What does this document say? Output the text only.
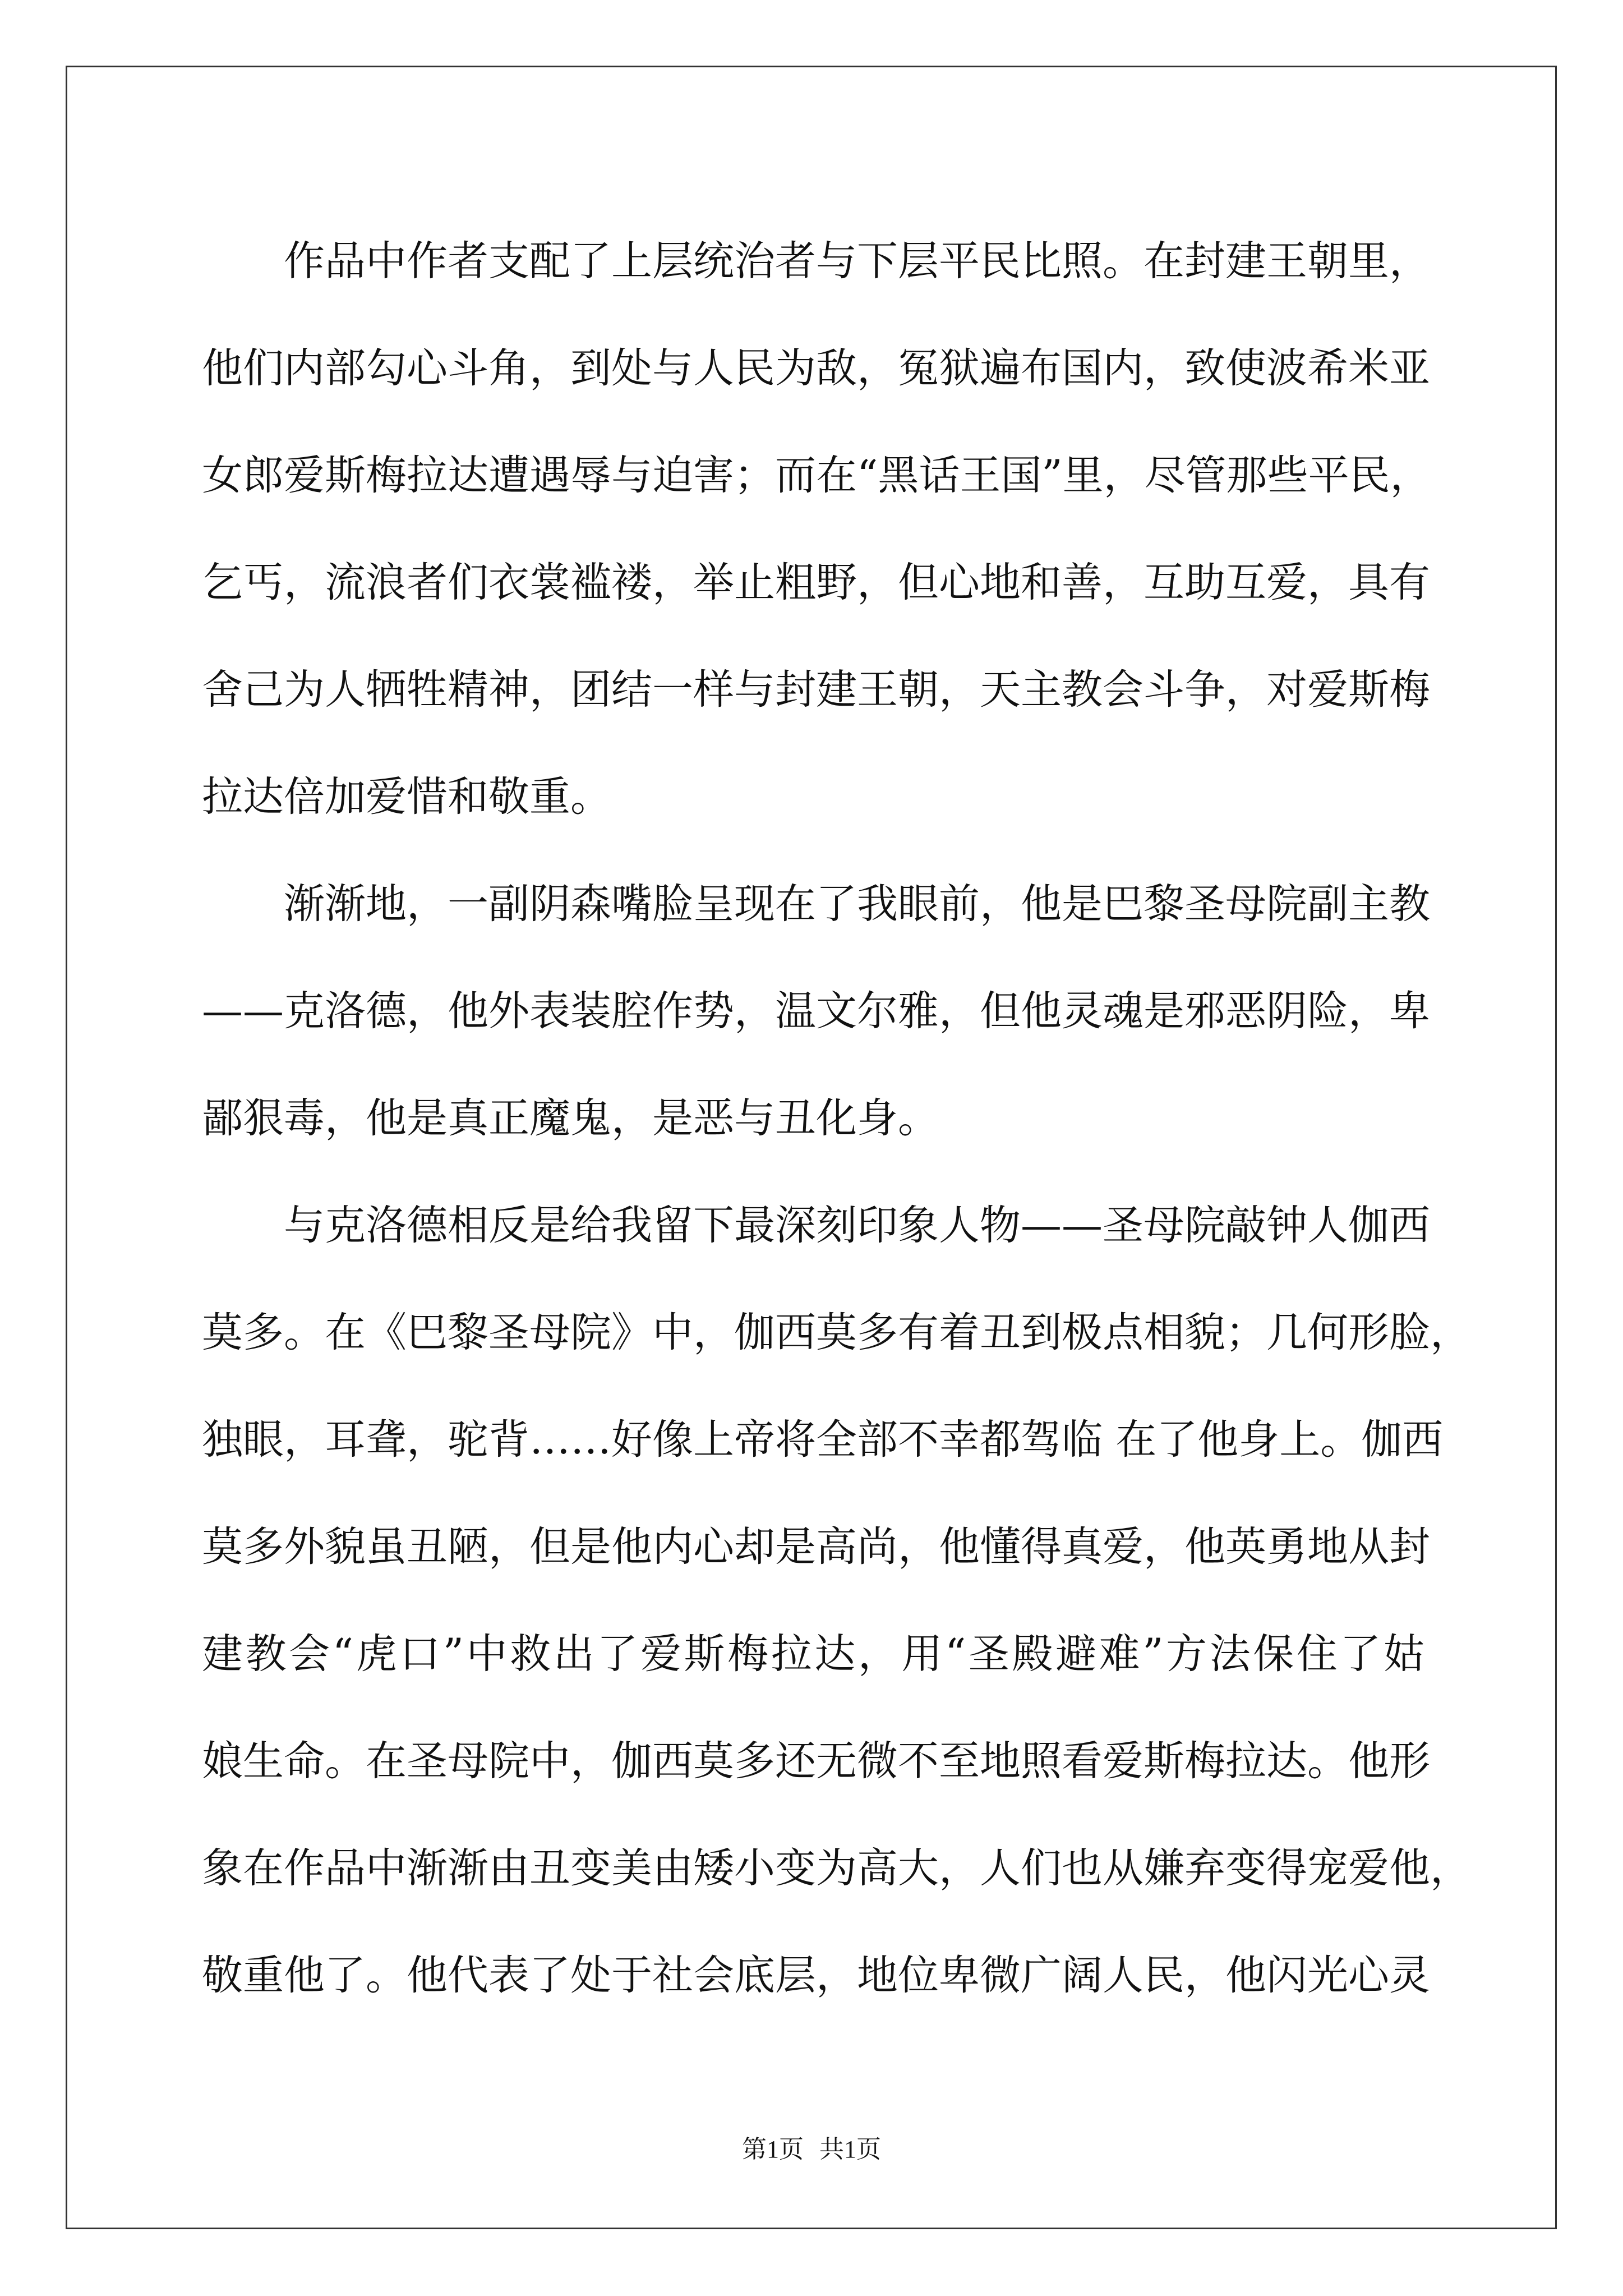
作品中作者支配了上层统治者与下层平民比照。在封建王朝里，
他们内部勾心斗角，到处与人民为敌，冤狱遍布国内，致使波希米亚
女郎爱斯梅拉达遭遇辱与迫害；而在“黑话王国”里，尽管那些平民，
乞丐，流浪者们衣裳褴褛，举止粗野，但心地和善，互助互爱，具有
舍己为人牺牲精神，团结一样与封建王朝，天主教会斗争，对爱斯梅
拉达倍加爱惜和敬重。
渐渐地，一副阴森嘴脸呈现在了我眼前，他是巴黎圣母院副主教
——克洛德，他外表装腔作势，温文尔雅，但他灵魂是邪恶阴险，卑
鄙狠毒，他是真正魔鬼，是恶与丑化身。
与克洛德相反是给我留下最深刻印象人物——圣母院敲钟人伽西
莫多。在《巴黎圣母院》中，伽西莫多有着丑到极点相貌；几何形脸，
独眼，耳聋，驼背……好像上帝将全部不幸都驾临 在了他身上。伽西
莫多外貌虽丑陋，但是他内心却是高尚，他懂得真爱，他英勇地从封
建教会“虎口”中救出了爱斯梅拉达，用“圣殿避难”方法保住了姑
娘生命。在圣母院中，伽西莫多还无微不至地照看爱斯梅拉达。他形
象在作品中渐渐由丑变美由矮小变为高大，人们也从嫌弃变得宠爱他，
敬重他了。他代表了处于社会底层，地位卑微广阔人民，他闪光心灵
第1页 共1页
